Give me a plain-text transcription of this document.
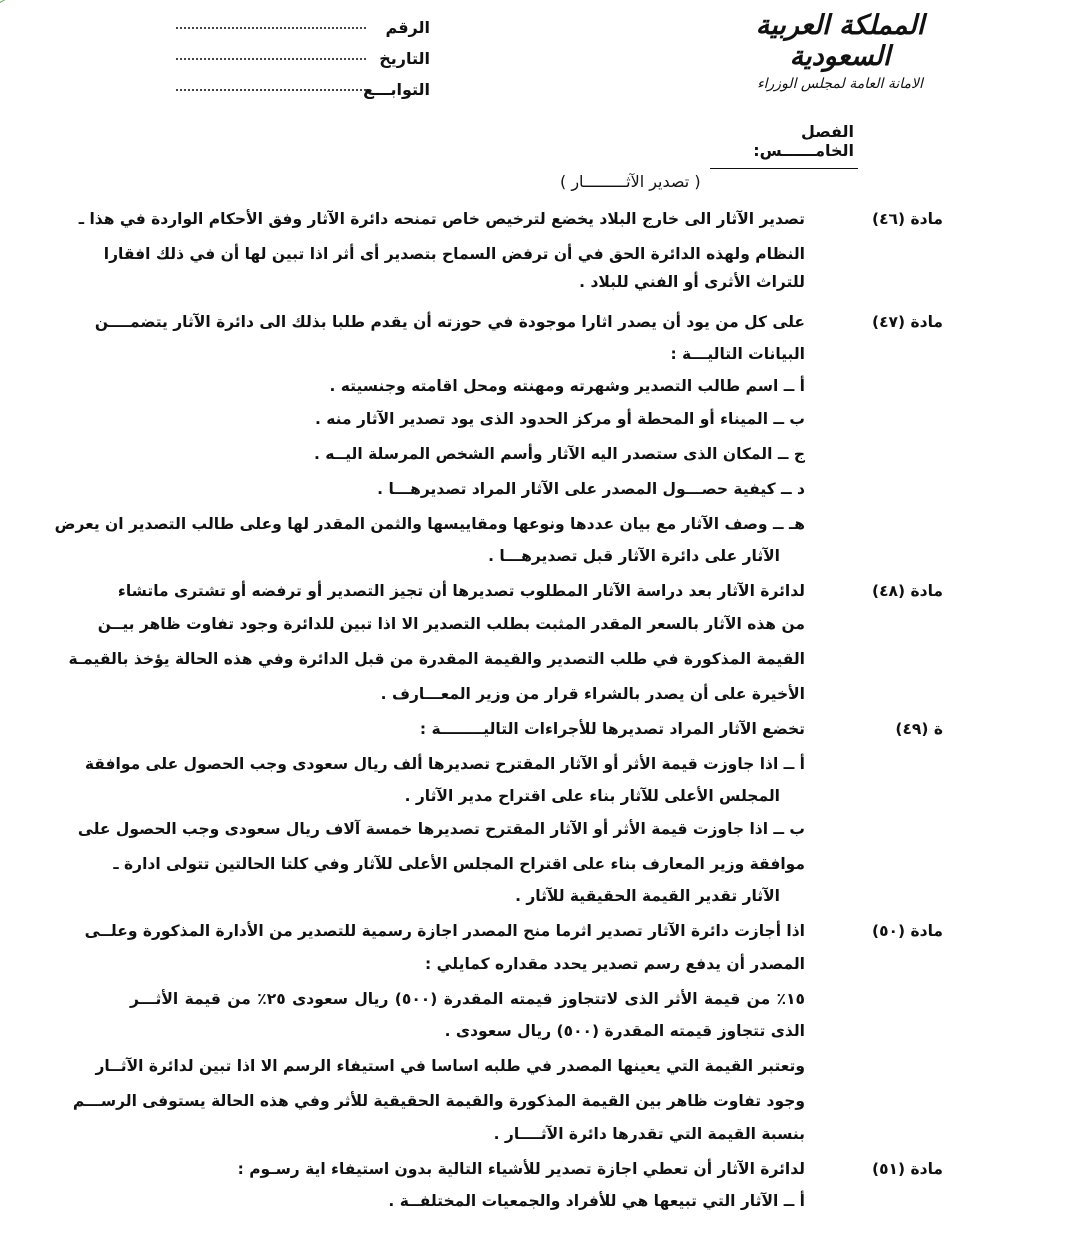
الرقم
التاريخ
التوابـــع
المملكة العربية السعودية
الامانة العامة لمجلس الوزراء
الفصل الخامــــــس:
( تصدير الآثـــــــــار )
مادة (٤٦)
تصدير الآثار الى خارج البلاد يخضع لترخيص خاص تمنحه دائرة الآثار وفق الأحكام الواردة في هذا ـ
النظام ولهذه الدائرة الحق في أن ترفض السماح بتصدير أى أثر اذا تبين لها أن في ذلك افقارا
للتراث الأثرى أو الفني للبلاد .
مادة (٤٧)
على كل من يود أن يصدر اثارا موجودة في حوزته أن يقدم طلبا بذلك الى دائرة الآثار يتضمــــن
البيانات التاليـــة :
أ ــ اسم طالب التصدير وشهرته ومهنته ومحل اقامته وجنسيته .
ب ــ الميناء أو المحطة أو مركز الحدود الذى يود تصدير الآثار منه .
ج ــ المكان الذى ستصدر اليه الآثار وأسم الشخص المرسلة اليــه .
د ــ كيفية حصـــول المصدر على الآثار المراد تصديرهـــا .
هـ ــ وصف الآثار مع بيان عددها ونوعها ومقاييسها والثمن المقدر لها وعلى طالب التصدير ان يعرض
الآثار على دائرة الآثار قبل تصديرهـــا .
مادة (٤٨)
لدائرة الآثار بعد دراسة الآثار المطلوب تصديرها أن تجيز التصدير أو ترفضه أو تشترى ماتشاء
من هذه الآثار بالسعر المقدر المثبت بطلب التصدير الا اذا تبين للدائرة وجود تفاوت ظاهر بيــن
القيمة المذكورة في طلب التصدير والقيمة المقدرة من قبل الدائرة وفي هذه الحالة يؤخذ بالقيمـة
الأخيرة على أن يصدر بالشراء قرار من وزير المعـــارف .
ة (٤٩)
تخضع الآثار المراد تصديرها للأجراءات التاليــــــــة :
أ ــ اذا جاوزت قيمة الأثر أو الآثار المقترح تصديرها ألف ريال سعودى وجب الحصول على موافقة
المجلس الأعلى للآثار بناء على اقتراح مدير الآثار .
ب ــ اذا جاوزت قيمة الأثر أو الآثار المقترح تصديرها خمسة آلاف ريال سعودى وجب الحصول على
موافقة وزير المعارف بناء على اقتراح المجلس الأعلى للآثار وفي كلتا الحالتين تتولى ادارة ـ
الآثار تقدير القيمة الحقيقية للآثار .
مادة (٥٠)
اذا أجازت دائرة الآثار تصدير اثرما منح المصدر اجازة رسمية للتصدير من الأدارة المذكورة وعلــى
المصدر أن يدفع رسم تصدير يحدد مقداره كمايلي :
١٥٪ من قيمة الأثر الذى لاتتجاوز قيمته المقدرة (٥٠٠) ريال سعودى ٢٥٪ من قيمة الأثـــر
الذى تتجاوز قيمته المقدرة (٥٠٠) ريال سعودى .
وتعتبر القيمة التي يعينها المصدر في طلبه اساسا في استيفاء الرسم الا اذا تبين لدائرة الآثــار
وجود تفاوت ظاهر بين القيمة المذكورة والقيمة الحقيقية للأثر وفي هذه الحالة يستوفى الرســـم
بنسبة القيمة التي تقدرها دائرة الآثــــار .
مادة (٥١)
لدائرة الآثار أن تعطي اجازة تصدير للأشياء التالية بدون استيفاء اية رسـوم :
أ ــ الآثار التي تبيعها هي للأفراد والجمعيات المختلفــة .
